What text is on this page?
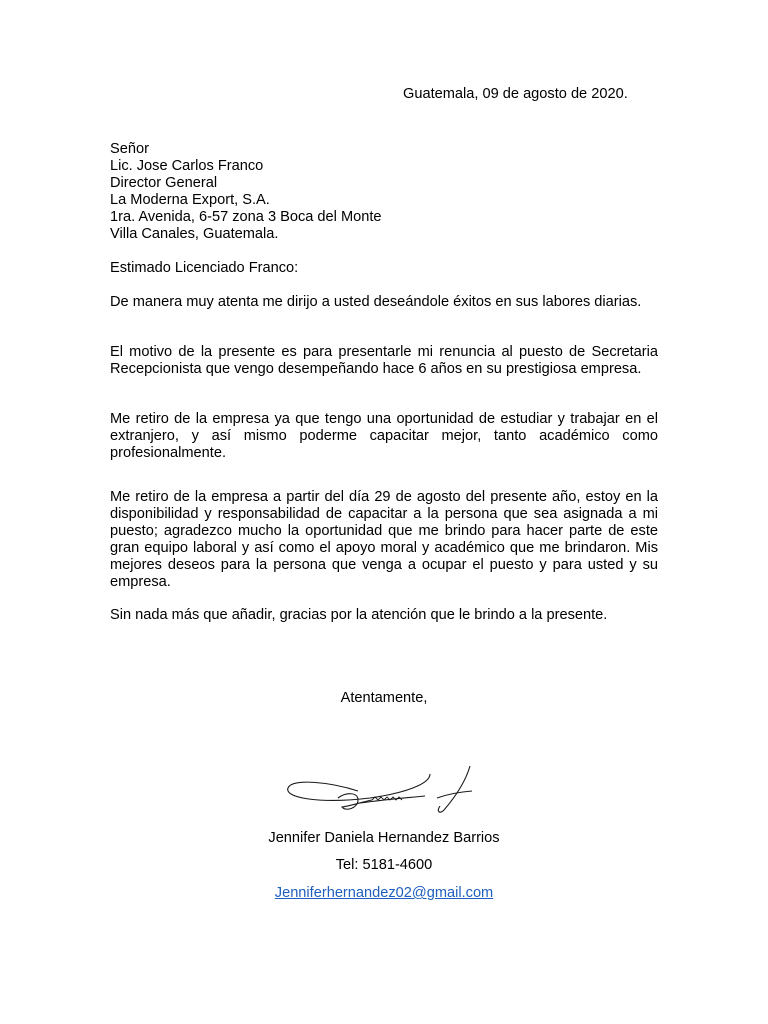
Guatemala, 09 de agosto de 2020.
Señor
Lic. Jose Carlos Franco
Director General
La Moderna Export, S.A.
1ra. Avenida, 6-57 zona 3 Boca del Monte
Villa Canales, Guatemala.
Estimado Licenciado Franco:
De manera muy atenta me dirijo a usted deseándole éxitos en sus labores diarias.
El motivo de la presente es para presentarle mi renuncia al puesto de Secretaria Recepcionista que vengo desempeñando hace 6 años en su prestigiosa empresa.
Me retiro de la empresa ya que tengo una oportunidad de estudiar y trabajar en el extranjero, y así mismo poderme capacitar mejor, tanto académico como profesionalmente.
Me retiro de la empresa a partir del día 29 de agosto del presente año, estoy en la disponibilidad y responsabilidad de capacitar a la persona que sea asignada a mi puesto; agradezco mucho la oportunidad que me brindo para hacer parte de este gran equipo laboral y así como el apoyo moral y académico que me brindaron. Mis mejores deseos para la persona que venga a ocupar el puesto y para usted y su empresa.
Sin nada más que añadir, gracias por la atención que le brindo a la presente.
Atentamente,
Jennifer Daniela Hernandez Barrios
Tel: 5181-4600
Jenniferhernandez02@gmail.com
